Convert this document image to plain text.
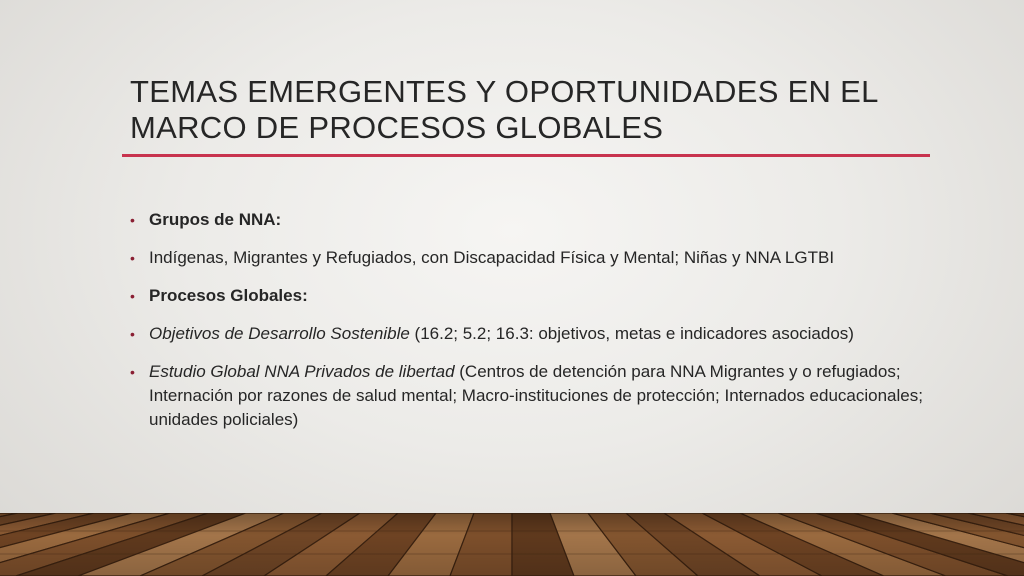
TEMAS EMERGENTES Y OPORTUNIDADES EN EL
MARCO DE PROCESOS GLOBALES
• Grupos de NNA:
• Indígenas, Migrantes y Refugiados, con Discapacidad Física y Mental; Niñas y NNA LGTBI
• Procesos Globales:
• Objetivos de Desarrollo Sostenible (16.2; 5.2; 16.3: objetivos, metas e indicadores asociados)
• Estudio Global NNA Privados de libertad (Centros de detención para NNA Migrantes y o refugiados; Internación por razones de salud mental; Macro-instituciones de protección; Internados educacionales; unidades policiales)
